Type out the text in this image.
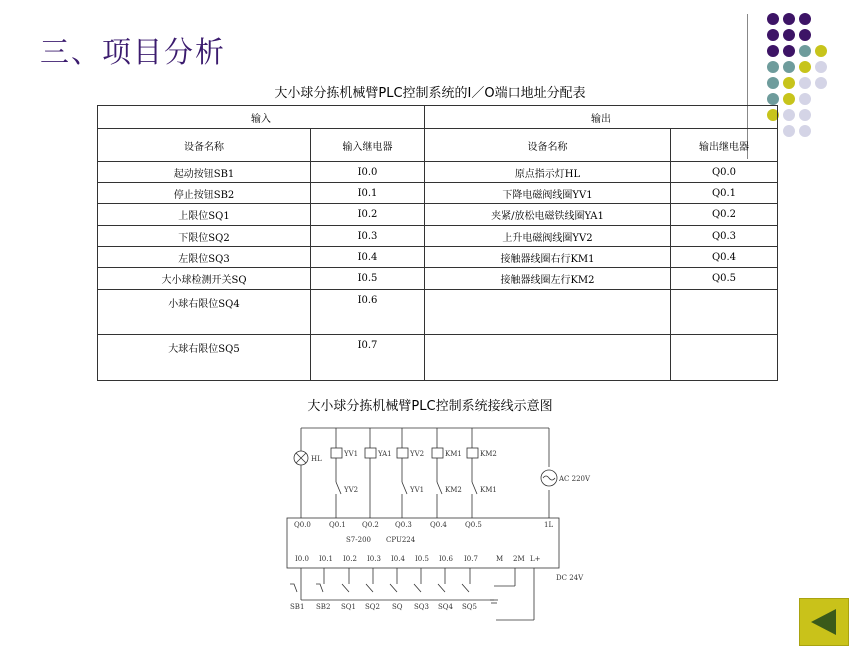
三、项目分析
大小球分拣机械臂PLC控制系统的I／O端口地址分配表
输入		输出	
设备名称	输入继电器	设备名称	输出继电器
起动按钮SB1	I0.0	原点指示灯HL	Q0.0
停止按钮SB2	I0.1	下降电磁阀线圈YV1	Q0.1
上限位SQ1	I0.2	夹紧/放松电磁铁线圈YA1	Q0.2
下限位SQ2	I0.3	上升电磁阀线圈YV2	Q0.3
左限位SQ3	I0.4	接触器线圈右行KM1	Q0.4
大小球检测开关SQ	I0.5	接触器线圈左行KM2	Q0.5
小球右限位SQ4	I0.6		
大球右限位SQ5	I0.7		
大小球分拣机械臂PLC控制系统接线示意图
HL
YV1	YA1	YV2	KM1	KM2
YV2	YV1	KM2	KM1
AC 220V
Q0.0	Q0.1 Q0.2 Q0.3	Q0.4	Q0.5	1L
S7-200 CPU224
I0.0 I0.1 I0.2 I0.3 I0.4 I0.5 I0.6 I0.7	M 2M L+
DC 24V
SB1 SB2 SQ1 SQ2 SQ SQ3 SQ4 SQ5
